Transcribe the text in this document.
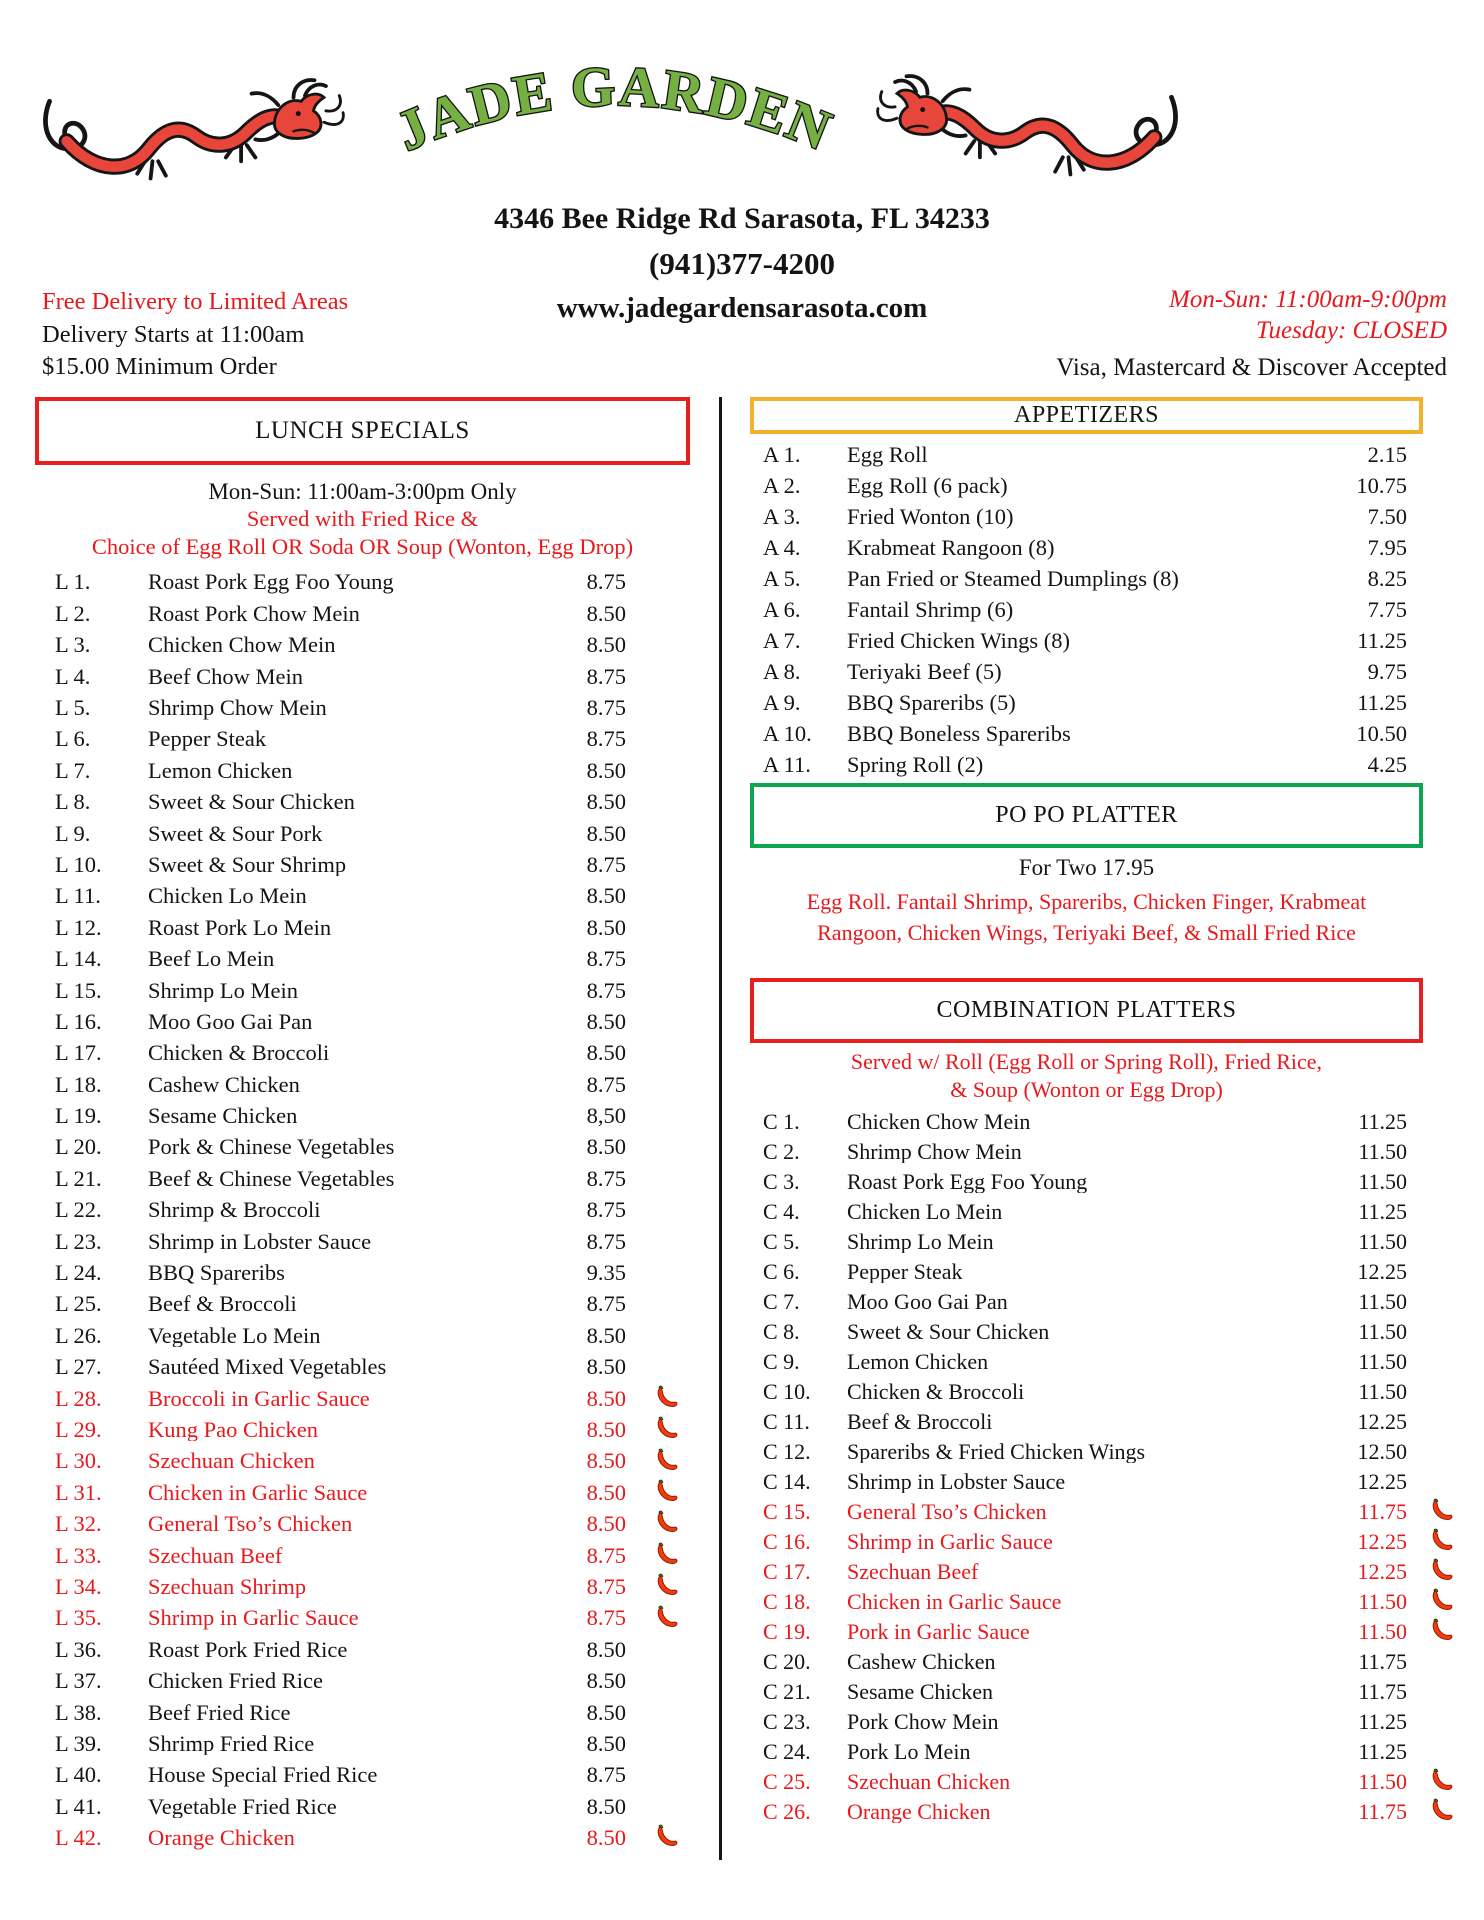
JADE GARDEN
4346 Bee Ridge Rd Sarasota, FL 34233
(941)377-4200
www.jadegardensarasota.com
Free Delivery to Limited Areas
Delivery Starts at 11:00am
$15.00 Minimum Order
Mon-Sun: 11:00am-9:00pm
Tuesday: CLOSED
Visa, Mastercard & Discover Accepted
LUNCH SPECIALS
Mon-Sun: 11:00am-3:00pm Only
Served with Fried Rice &
Choice of Egg Roll OR Soda OR Soup (Wonton, Egg Drop)
L 1.	Roast Pork Egg Foo Young	8.75
L 2.	Roast Pork Chow Mein	8.50
L 3.	Chicken Chow Mein	8.50
L 4.	Beef Chow Mein	8.75
L 5.	Shrimp Chow Mein	8.75
L 6.	Pepper Steak	8.75
L 7.	Lemon Chicken	8.50
L 8.	Sweet & Sour Chicken	8.50
L 9.	Sweet & Sour Pork	8.50
L 10.	Sweet & Sour Shrimp	8.75
L 11.	Chicken Lo Mein	8.50
L 12.	Roast Pork Lo Mein	8.50
L 14.	Beef Lo Mein	8.75
L 15.	Shrimp Lo Mein	8.75
L 16.	Moo Goo Gai Pan	8.50
L 17.	Chicken & Broccoli	8.50
L 18.	Cashew Chicken	8.75
L 19.	Sesame Chicken	8,50
L 20.	Pork & Chinese Vegetables	8.50
L 21.	Beef & Chinese Vegetables	8.75
L 22.	Shrimp & Broccoli	8.75
L 23.	Shrimp in Lobster Sauce	8.75
L 24.	BBQ Spareribs	9.35
L 25.	Beef & Broccoli	8.75
L 26.	Vegetable Lo Mein	8.50
L 27.	Sautéed Mixed Vegetables	8.50
L 28.	Broccoli in Garlic Sauce	8.50
L 29.	Kung Pao Chicken	8.50
L 30.	Szechuan Chicken	8.50
L 31.	Chicken in Garlic Sauce	8.50
L 32.	General Tso’s Chicken	8.50
L 33.	Szechuan Beef	8.75
L 34.	Szechuan Shrimp	8.75
L 35.	Shrimp in Garlic Sauce	8.75
L 36.	Roast Pork Fried Rice	8.50
L 37.	Chicken Fried Rice	8.50
L 38.	Beef Fried Rice	8.50
L 39.	Shrimp Fried Rice	8.50
L 40.	House Special Fried Rice	8.75
L 41.	Vegetable Fried Rice	8.50
L 42.	Orange Chicken	8.50
APPETIZERS
A 1.	Egg Roll	2.15
A 2.	Egg Roll (6 pack)	10.75
A 3.	Fried Wonton (10)	7.50
A 4.	Krabmeat Rangoon (8)	7.95
A 5.	Pan Fried or Steamed Dumplings (8)	8.25
A 6.	Fantail Shrimp (6)	7.75
A 7.	Fried Chicken Wings (8)	11.25
A 8.	Teriyaki Beef (5)	9.75
A 9.	BBQ Spareribs (5)	11.25
A 10.	BBQ Boneless Spareribs	10.50
A 11.	Spring Roll (2)	4.25
PO PO PLATTER
For Two 17.95
Egg Roll. Fantail Shrimp, Spareribs, Chicken Finger, Krabmeat
Rangoon, Chicken Wings, Teriyaki Beef, & Small Fried Rice
COMBINATION PLATTERS
Served w/ Roll (Egg Roll or Spring Roll), Fried Rice,
& Soup (Wonton or Egg Drop)
C 1.	Chicken Chow Mein	11.25
C 2.	Shrimp Chow Mein	11.50
C 3.	Roast Pork Egg Foo Young	11.50
C 4.	Chicken Lo Mein	11.25
C 5.	Shrimp Lo Mein	11.50
C 6.	Pepper Steak	12.25
C 7.	Moo Goo Gai Pan	11.50
C 8.	Sweet & Sour Chicken	11.50
C 9.	Lemon Chicken	11.50
C 10.	Chicken & Broccoli	11.50
C 11.	Beef & Broccoli	12.25
C 12.	Spareribs & Fried Chicken Wings	12.50
C 14.	Shrimp in Lobster Sauce	12.25
C 15.	General Tso’s Chicken	11.75
C 16.	Shrimp in Garlic Sauce	12.25
C 17.	Szechuan Beef	12.25
C 18.	Chicken in Garlic Sauce	11.50
C 19.	Pork in Garlic Sauce	11.50
C 20.	Cashew Chicken	11.75
C 21.	Sesame Chicken	11.75
C 23.	Pork Chow Mein	11.25
C 24.	Pork Lo Mein	11.25
C 25.	Szechuan Chicken	11.50
C 26.	Orange Chicken	11.75
